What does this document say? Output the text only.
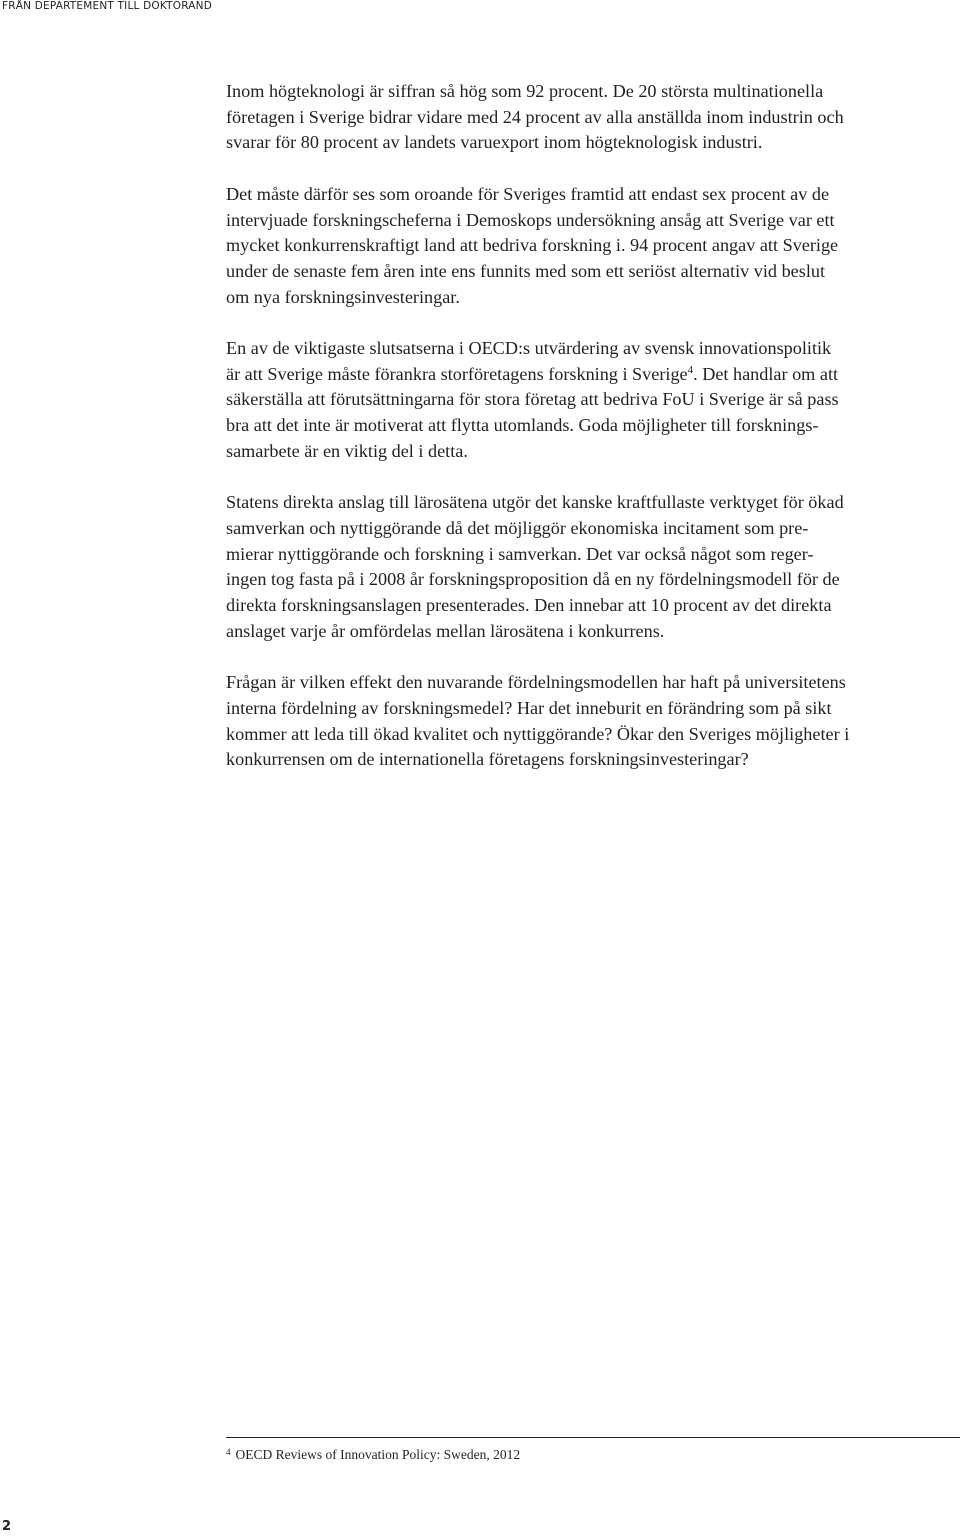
FRÅN DEPARTEMENT TILL DOKTORAND

Inom högteknologi är siffran så hög som 92 procent. De 20 största multinationella
företagen i Sverige bidrar vidare med 24 procent av alla anställda inom industrin och
svarar för 80 procent av landets varuexport inom högteknologisk industri.

Det måste därför ses som oroande för Sveriges framtid att endast sex procent av de
intervjuade forskningscheferna i Demoskops undersökning ansåg att Sverige var ett
mycket konkurrenskraftigt land att bedriva forskning i. 94 procent angav att Sverige
under de senaste fem åren inte ens funnits med som ett seriöst alternativ vid beslut
om nya forskningsinvesteringar.

En av de viktigaste slutsatserna i OECD:s utvärdering av svensk innovationspolitik
är att Sverige måste förankra storföretagens forskning i Sverige$^4$. Det handlar om att
säkerställa att förutsättningarna för stora företag att bedriva FoU i Sverige är så pass
bra att det inte är motiverat att flytta utomlands. Goda möjligheter till forsknings-
samarbete är en viktig del i detta.

Statens direkta anslag till lärosätena utgör det kanske kraftfullaste verktyget för ökad
samverkan och nyttiggörande då det möjliggör ekonomiska incitament som pre-
mierar nyttiggörande och forskning i samverkan. Det var också något som reger-
ingen tog fasta på i 2008 år forskningsproposition då en ny fördelningsmodell för de
direkta forskningsanslagen presenterades. Den innebar att 10 procent av det direkta
anslaget varje år omfördelas mellan lärosätena i konkurrens.

Frågan är vilken effekt den nuvarande fördelningsmodellen har haft på universitetens
interna fördelning av forskningsmedel? Har det inneburit en förändring som på sikt
kommer att leda till ökad kvalitet och nyttiggörande? Ökar den Sveriges möjligheter i
konkurrensen om de internationella företagens forskningsinvesteringar?

$^4$ OECD Reviews of Innovation Policy: Sweden, 2012
2
